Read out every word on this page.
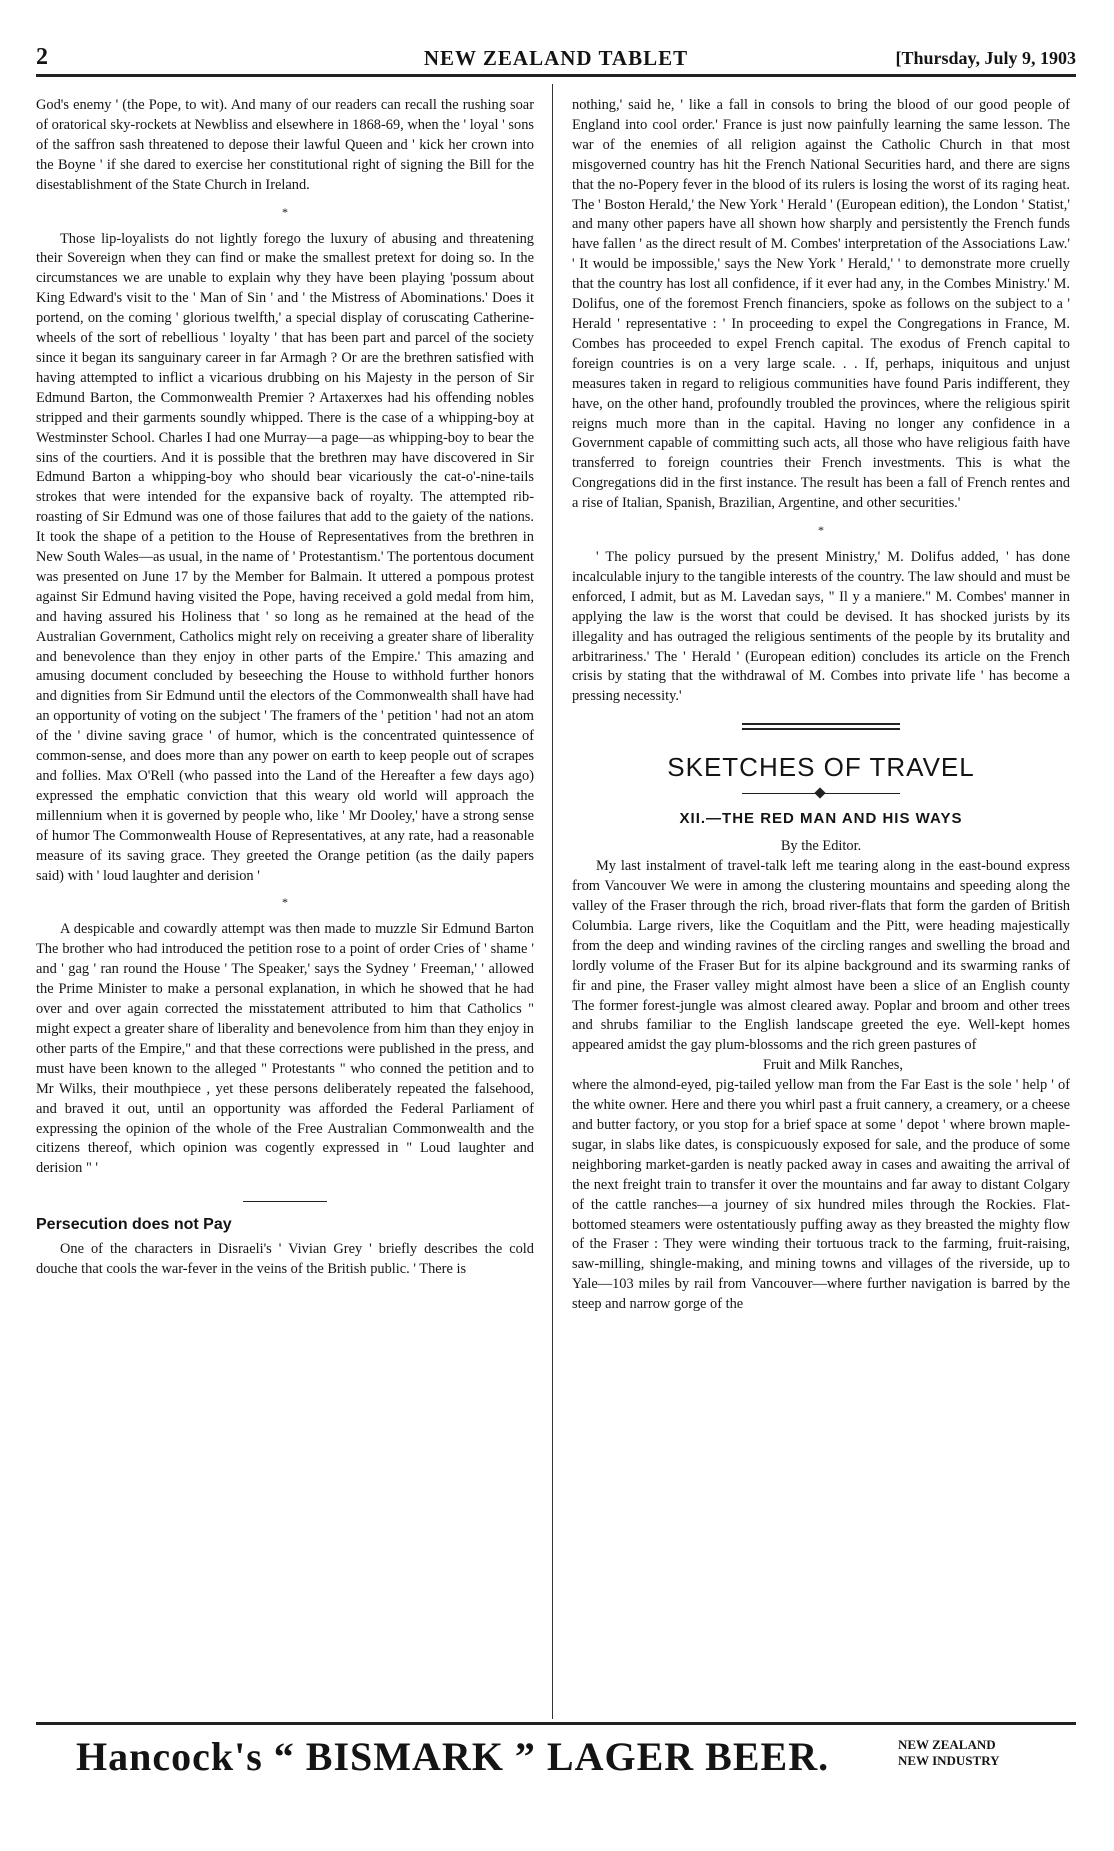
2	NEW ZEALAND TABLET	[Thursday, July 9, 1903

God's enemy ' (the Pope, to wit). And many of our readers can recall the rushing soar of oratorical sky-rockets at Newbliss and elsewhere in 1868-69, when the ' loyal ' sons of the saffron sash threatened to depose their lawful Queen and ' kick her crown into the Boyne ' if she dared to exercise her constitutional right of signing the Bill for the disestablishment of the State Church in Ireland.

*

Those lip-loyalists do not lightly forego the luxury of abusing and threatening their Sovereign when they can find or make the smallest pretext for doing so. In the circumstances we are unable to explain why they have been playing 'possum about King Edward's visit to the ' Man of Sin ' and ' the Mistress of Abominations.' Does it portend, on the coming ' glorious twelfth,' a special display of coruscating Catherine-wheels of the sort of rebellious ' loyalty ' that has been part and parcel of the society since it began its sanguinary career in far Armagh ? Or are the brethren satisfied with having attempted to inflict a vicarious drubbing on his Majesty in the person of Sir Edmund Barton, the Commonwealth Premier ? Artaxerxes had his offending nobles stripped and their garments soundly whipped. There is the case of a whipping-boy at Westminster School. Charles I had one Murray—a page—as whipping-boy to bear the sins of the courtiers. And it is possible that the brethren may have discovered in Sir Edmund Barton a whipping-boy who should bear vicariously the cat-o'-nine-tails strokes that were intended for the expansive back of royalty. The attempted rib-roasting of Sir Edmund was one of those failures that add to the gaiety of the nations. It took the shape of a petition to the House of Representatives from the brethren in New South Wales—as usual, in the name of ' Protestantism.' The portentous document was presented on June 17 by the Member for Balmain. It uttered a pompous protest against Sir Edmund having visited the Pope, having received a gold medal from him, and having assured his Holiness that ' so long as he remained at the head of the Australian Government, Catholics might rely on receiving a greater share of liberality and benevolence than they enjoy in other parts of the Empire.' This amazing and amusing document concluded by beseeching the House to withhold further honors and dignities from Sir Edmund until the electors of the Commonwealth shall have had an opportunity of voting on the subject ' The framers of the ' petition ' had not an atom of the ' divine saving grace ' of humor, which is the concentrated quintessence of common-sense, and does more than any power on earth to keep people out of scrapes and follies. Max O'Rell (who passed into the Land of the Hereafter a few days ago) expressed the emphatic conviction that this weary old world will approach the millennium when it is governed by people who, like ' Mr Dooley,' have a strong sense of humor The Commonwealth House of Representatives, at any rate, had a reasonable measure of its saving grace. They greeted the Orange petition (as the daily papers said) with ' loud laughter and derision '

*

A despicable and cowardly attempt was then made to muzzle Sir Edmund Barton The brother who had introduced the petition rose to a point of order Cries of ' shame ' and ' gag ' ran round the House ' The Speaker,' says the Sydney ' Freeman,' ' allowed the Prime Minister to make a personal explanation, in which he showed that he had over and over again corrected the misstatement attributed to him that Catholics " might expect a greater share of liberality and benevolence from him than they enjoy in other parts of the Empire," and that these corrections were published in the press, and must have been known to the alleged " Protestants " who conned the petition and to Mr Wilks, their mouthpiece , yet these persons deliberately repeated the falsehood, and braved it out, until an opportunity was afforded the Federal Parliament of expressing the opinion of the whole of the Free Australian Commonwealth and the citizens thereof, which opinion was cogently expressed in " Loud laughter and derision " '

Persecution does not Pay

One of the characters in Disraeli's ' Vivian Grey ' briefly describes the cold douche that cools the war-fever in the veins of the British public. ' There is

nothing,' said he, ' like a fall in consols to bring the blood of our good people of England into cool order.' France is just now painfully learning the same lesson. The war of the enemies of all religion against the Catholic Church in that most misgoverned country has hit the French National Securities hard, and there are signs that the no-Popery fever in the blood of its rulers is losing the worst of its raging heat. The ' Boston Herald,' the New York ' Herald ' (European edition), the London ' Statist,' and many other papers have all shown how sharply and persistently the French funds have fallen ' as the direct result of M. Combes' interpretation of the Associations Law.' ' It would be impossible,' says the New York ' Herald,' ' to demonstrate more cruelly that the country has lost all confidence, if it ever had any, in the Combes Ministry.' M. Dolifus, one of the foremost French financiers, spoke as follows on the subject to a ' Herald ' representative : ' In proceeding to expel the Congregations in France, M. Combes has proceeded to expel French capital. The exodus of French capital to foreign countries is on a very large scale. . . If, perhaps, iniquitous and unjust measures taken in regard to religious communities have found Paris indifferent, they have, on the other hand, profoundly troubled the provinces, where the religious spirit reigns much more than in the capital. Having no longer any confidence in a Government capable of committing such acts, all those who have religious faith have transferred to foreign countries their French investments. This is what the Congregations did in the first instance. The result has been a fall of French rentes and a rise of Italian, Spanish, Brazilian, Argentine, and other securities.'

*

' The policy pursued by the present Ministry,' M. Dolifus added, ' has done incalculable injury to the tangible interests of the country. The law should and must be enforced, I admit, but as M. Lavedan says, " Il y a maniere." M. Combes' manner in applying the law is the worst that could be devised. It has shocked jurists by its illegality and has outraged the religious sentiments of the people by its brutality and arbitrariness.' The ' Herald ' (European edition) concludes its article on the French crisis by stating that the withdrawal of M. Combes into private life ' has become a pressing necessity.'

SKETCHES OF TRAVEL
XII.—THE RED MAN AND HIS WAYS
By the Editor.

My last instalment of travel-talk left me tearing along in the east-bound express from Vancouver We were in among the clustering mountains and speeding along the valley of the Fraser through the rich, broad river-flats that form the garden of British Columbia. Large rivers, like the Coquitlam and the Pitt, were heading majestically from the deep and winding ravines of the circling ranges and swelling the broad and lordly volume of the Fraser But for its alpine background and its swarming ranks of fir and pine, the Fraser valley might almost have been a slice of an English county The former forest-jungle was almost cleared away. Poplar and broom and other trees and shrubs familiar to the English landscape greeted the eye. Well-kept homes appeared amidst the gay plum-blossoms and the rich green pastures of

Fruit and Milk Ranches,

where the almond-eyed, pig-tailed yellow man from the Far East is the sole ' help ' of the white owner. Here and there you whirl past a fruit cannery, a creamery, or a cheese and butter factory, or you stop for a brief space at some ' depot ' where brown maple-sugar, in slabs like dates, is conspicuously exposed for sale, and the produce of some neighboring market-garden is neatly packed away in cases and awaiting the arrival of the next freight train to transfer it over the mountains and far away to distant Colgary of the cattle ranches—a journey of six hundred miles through the Rockies. Flat-bottomed steamers were ostentatiously puffing away as they breasted the mighty flow of the Fraser : They were winding their tortuous track to the farming, fruit-raising, saw-milling, shingle-making, and mining towns and villages of the riverside, up to Yale—103 miles by rail from Vancouver—where further navigation is barred by the steep and narrow gorge of the

Hancock's “ BISMARK ” LAGER BEER.	NEW ZEALAND
NEW INDUSTRY
